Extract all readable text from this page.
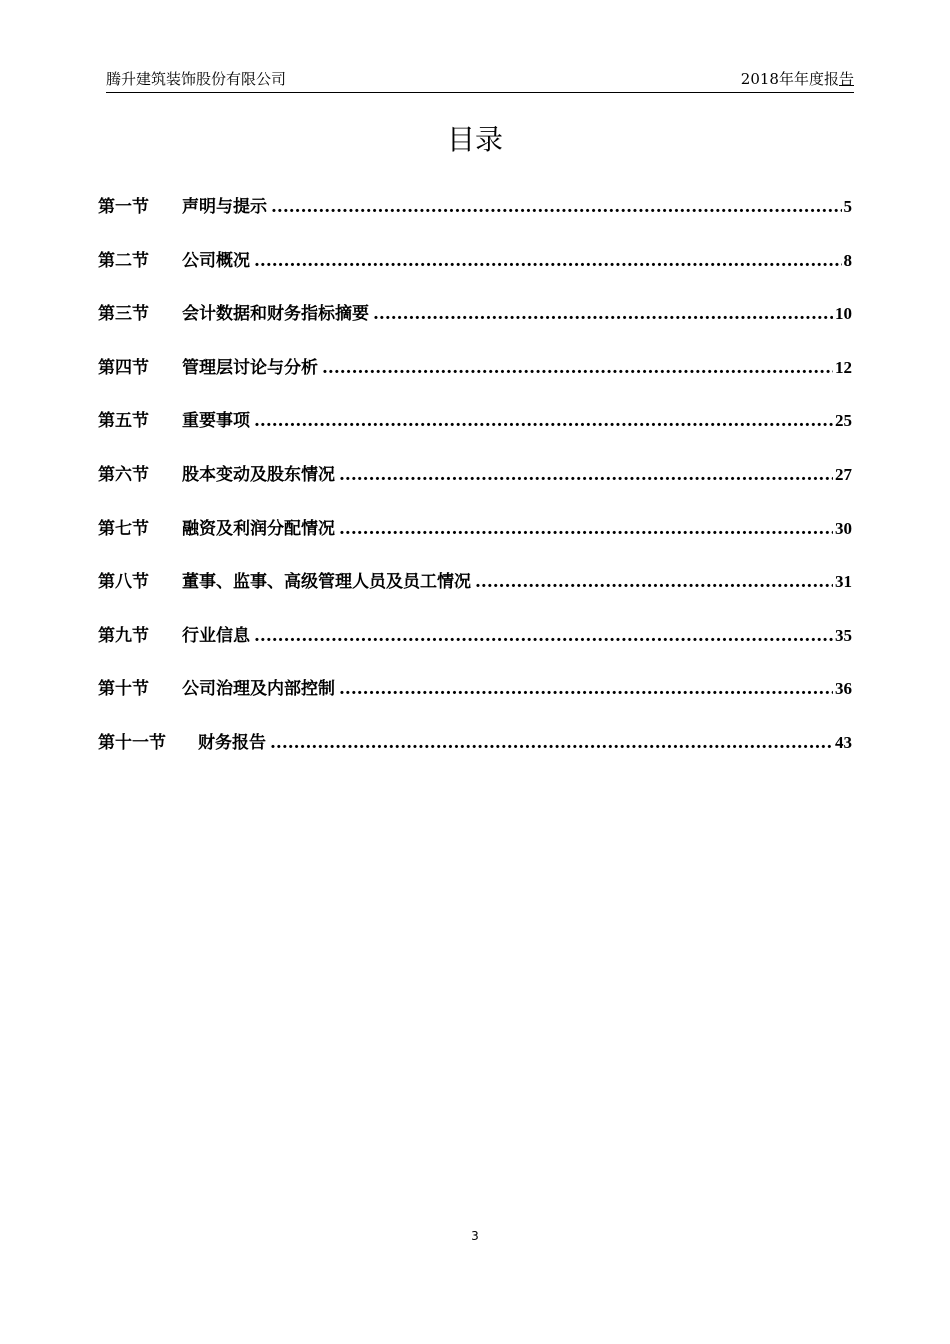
腾升建筑装饰股份有限公司	2018年年度报告
目录
第一节	声明与提示 .....	5
第二节	公司概况 .....	8
第三节	会计数据和财务指标摘要 .....	10
第四节	管理层讨论与分析 .....	12
第五节	重要事项 .....	25
第六节	股本变动及股东情况 .....	27
第七节	融资及利润分配情况 .....	30
第八节	董事、监事、高级管理人员及员工情况 .....	31
第九节	行业信息 .....	35
第十节	公司治理及内部控制 .....	36
第十一节	财务报告 .....	43
3
